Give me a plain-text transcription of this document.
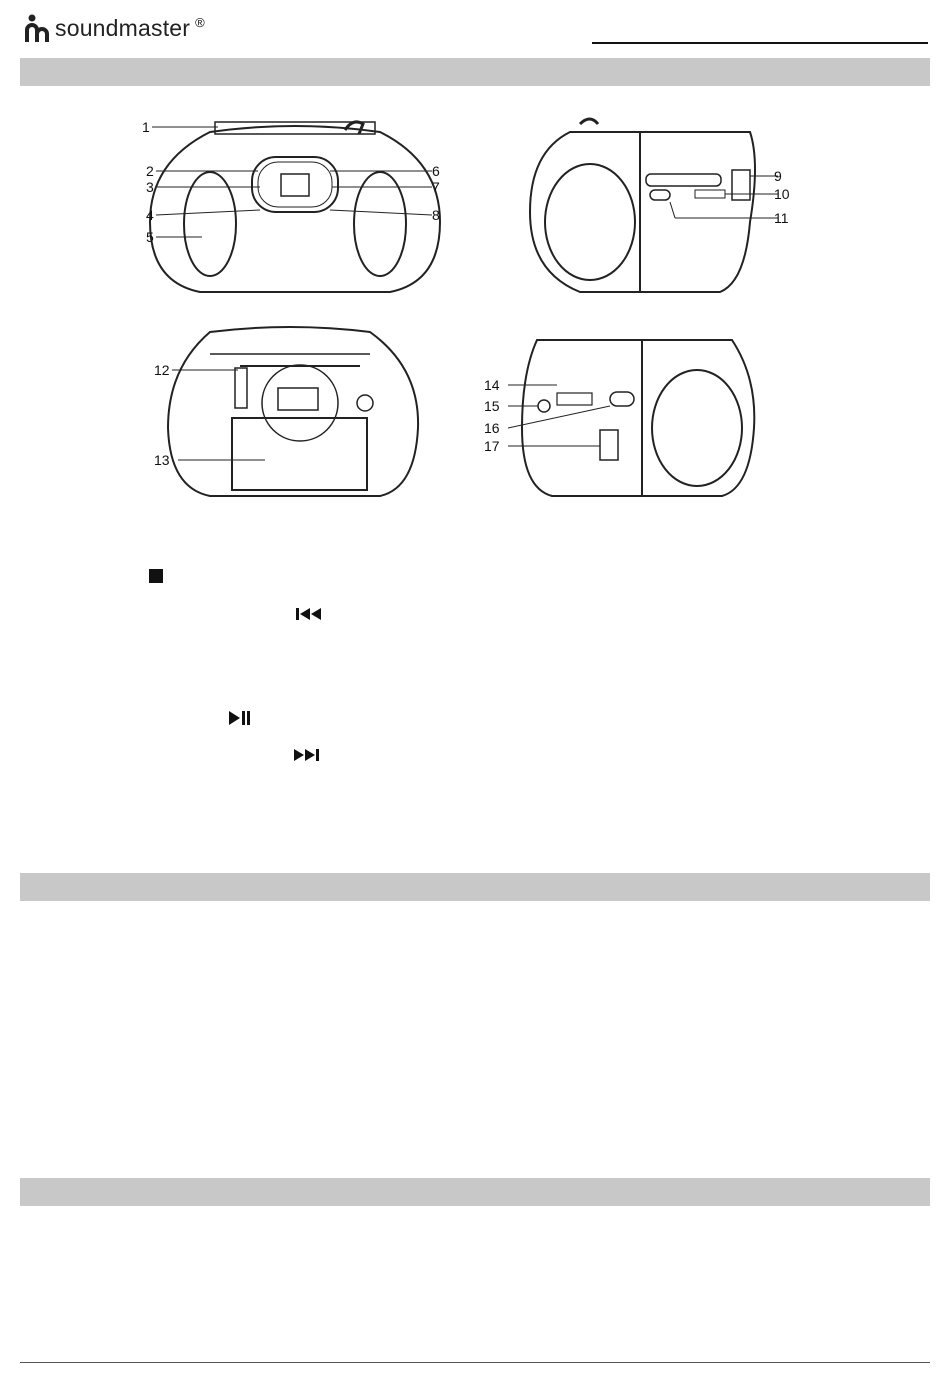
soundmaster ®
1
2
3
4
5
6
7
8
9
10
11
12
13
14
15
16
17
